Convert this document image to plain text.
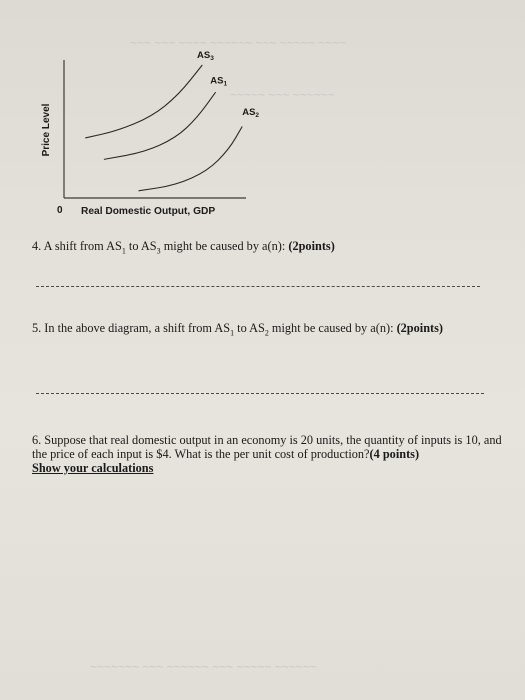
~~~ ~~~ ~~~~ ~~~~~~ ~~~ ~~~~~ ~~~~
~~~~~ ~~~ ~~~~~~
~~~~~~~ ~~~ ~~~~~~ ~~~ ~~~~~ ~~~~~~
$AS_3$
$AS_1$
$AS_2$
Price Level
0 Real Domestic Output, GDP
4. A shift from $AS_1$ to $AS_3$ might be caused by a(n): (2points)
5. In the above diagram, a shift from $AS_1$ to $AS_2$ might be caused by a(n): (2points)
6. Suppose that real domestic output in an economy is 20 units, the quantity of inputs is 10, and
the price of each input is $4. What is the per unit cost of production?(4 points)
Show your calculations
